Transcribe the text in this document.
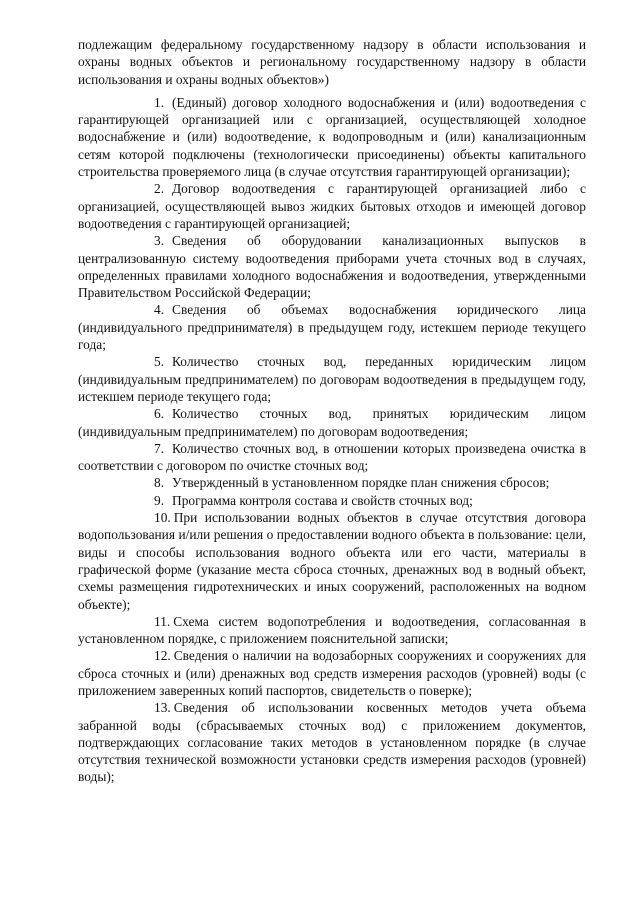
подлежащим федеральному государственному надзору в области использования и охраны водных объектов и региональному государственному надзору в области использования и охраны водных объектов»)

1. (Единый) договор холодного водоснабжения и (или) водоотведения с гарантирующей организацией или с организацией, осуществляющей холодное водоснабжение и (или) водоотведение, к водопроводным и (или) канализационным сетям которой подключены (технологически присоединены) объекты капитального строительства проверяемого лица (в случае отсутствия гарантирующей организации);

2. Договор водоотведения с гарантирующей организацией либо с организацией, осуществляющей вывоз жидких бытовых отходов и имеющей договор водоотведения с гарантирующей организацией;

3. Сведения об оборудовании канализационных выпусков в централизованную систему водоотведения приборами учета сточных вод в случаях, определенных правилами холодного водоснабжения и водоотведения, утвержденными Правительством Российской Федерации;

4. Сведения об объемах водоснабжения юридического лица (индивидуального предпринимателя) в предыдущем году, истекшем периоде текущего года;

5. Количество сточных вод, переданных юридическим лицом (индивидуальным предпринимателем) по договорам водоотведения в предыдущем году, истекшем периоде текущего года;

6. Количество сточных вод, принятых юридическим лицом (индивидуальным предпринимателем) по договорам водоотведения;

7. Количество сточных вод, в отношении которых произведена очистка в соответствии с договором по очистке сточных вод;

8. Утвержденный в установленном порядке план снижения сбросов;

9. Программа контроля состава и свойств сточных вод;

10. При использовании водных объектов в случае отсутствия договора водопользования и/или решения о предоставлении водного объекта в пользование: цели, виды и способы использования водного объекта или его части, материалы в графической форме (указание места сброса сточных, дренажных вод в водный объект, схемы размещения гидротехнических и иных сооружений, расположенных на водном объекте);

11. Схема систем водопотребления и водоотведения, согласованная в установленном порядке, с приложением пояснительной записки;

12. Сведения о наличии на водозаборных сооружениях и сооружениях для сброса сточных и (или) дренажных вод средств измерения расходов (уровней) воды (с приложением заверенных копий паспортов, свидетельств о поверке);

13. Сведения об использовании косвенных методов учета объема забранной воды (сбрасываемых сточных вод) с приложением документов, подтверждающих согласование таких методов в установленном порядке (в случае отсутствия технической возможности установки средств измерения расходов (уровней) воды);
